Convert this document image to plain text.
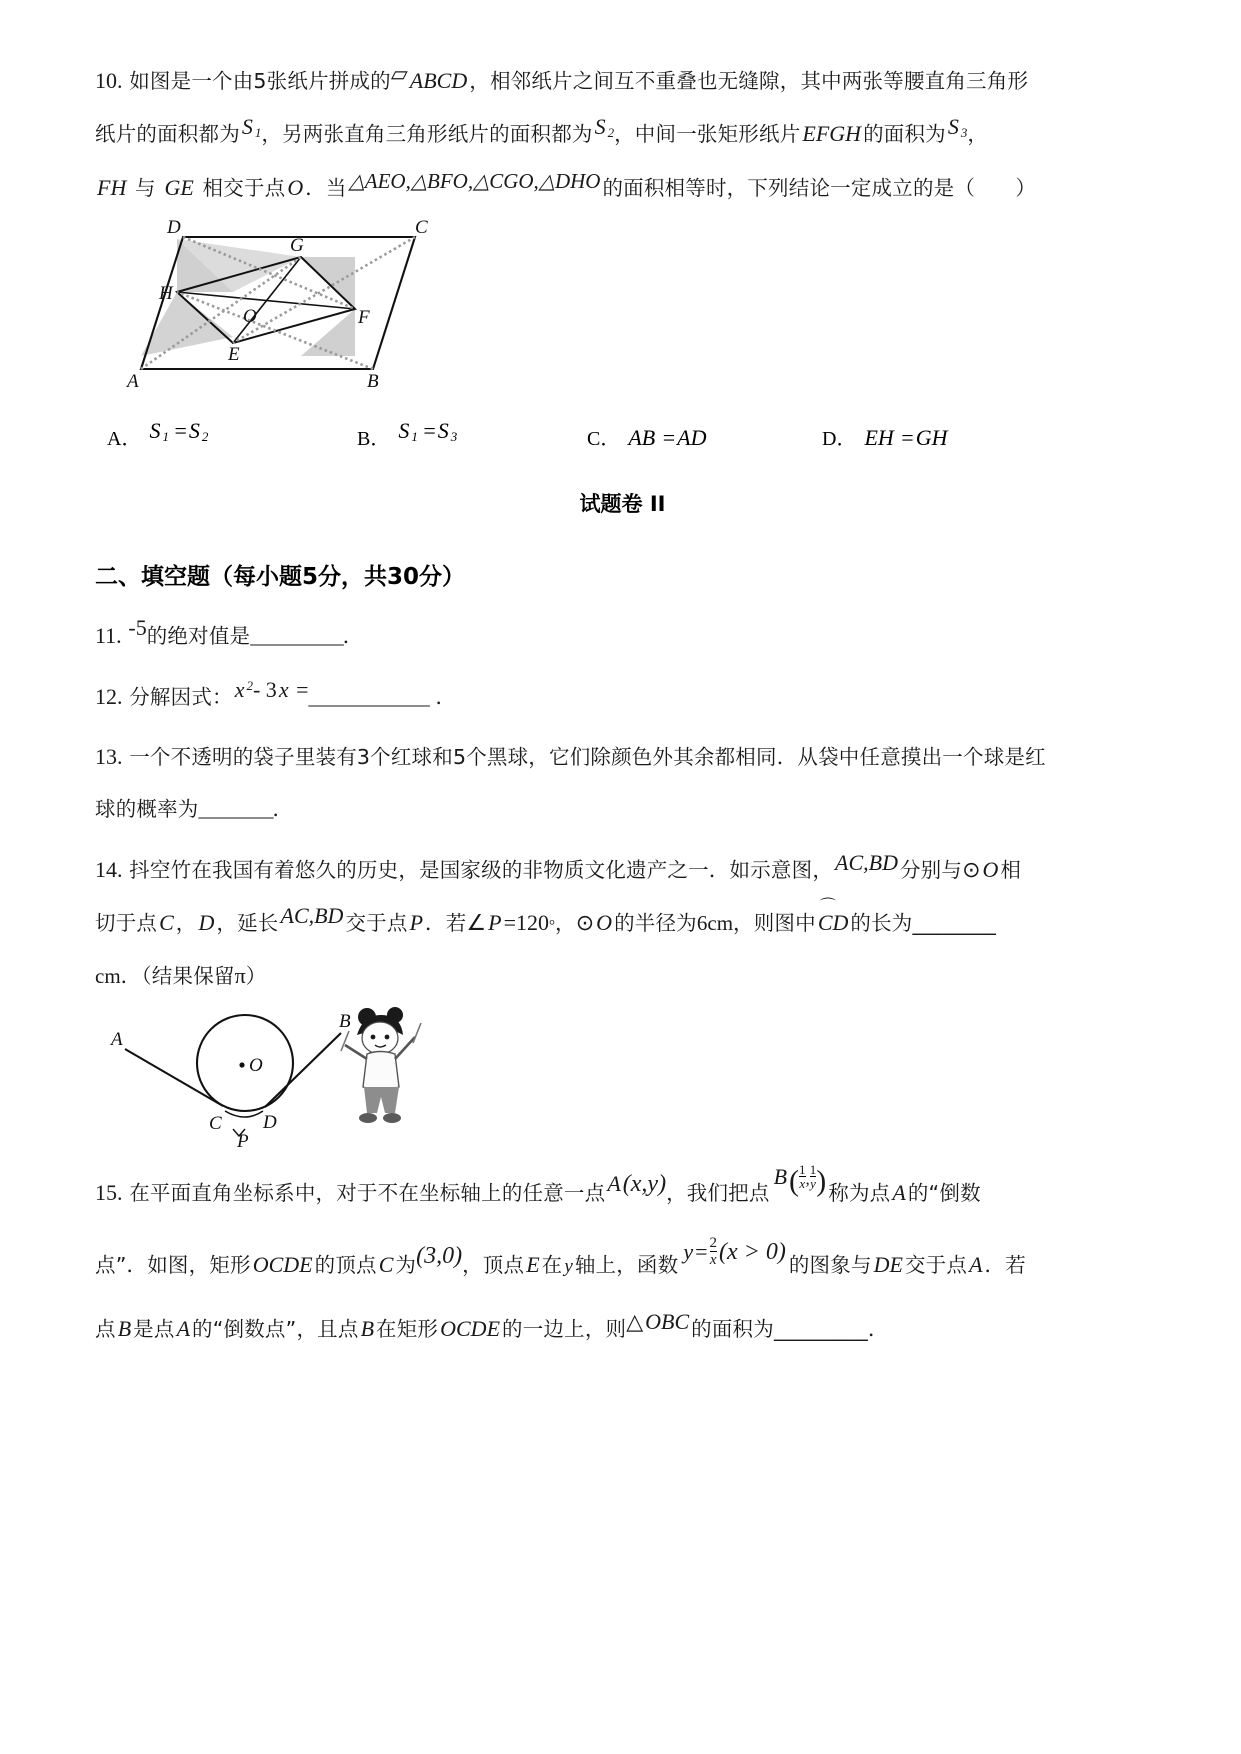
10.
如图是一个由5张纸片拼成的 ▱ ABCD ，相邻纸片之间互不重叠也无缝隙，其中两张等腰直角三角形
纸片的面积都为 S $_1$ ，另两张直角三角形纸片的面积都为 S $_2$ ，中间一张矩形纸片 EFGH 的面积为 S $_3$ ，
FH
与
GE
相交于点 O ．当 △AEO,△BFO,△CGO,△DHO 的面积相等时，下列结论一定成立的是（      ）
D	C
A	B
G
H
F
E
O
A． S $_1$ =S $_2$	B． S $_1$ =S $_3$	C． AB =AD	D． EH =GH
试题卷 II
二、填空题（每小题5分，共30分）
11.
-5 的绝对值是 __________ ．
12.
分解因式： x $^2$- 3x = _____________
．
13.
一个不透明的袋子里装有3个红球和5个黑球，它们除颜色外其余都相同．从袋中任意摸出一个球是红
球的概率为 ________ ．
14.
抖空竹在我国有着悠久的历史，是国家级的非物质文化遗产之一．如示意图， AC,BD 分别与 ⊙ O 相
切于点 C ， D ，延长 AC,BD 交于点 P ．若 ∠ P =120 ° ， ⊙ O 的半径为 6cm ，则图中
⌒
CD 的长为________
cm ．（结果保留 π ）
O
A
B
C D
P
15.
在平面直角坐标系中，对于不在坐标轴上的任意一点 A(x,y) ，我们把点
$B( \frac{1}{x}$ , $\frac{1}{y}$ ) 称为点 A 的“倒数
点”．如图，矩形 OCDE 的顶点 C 为 (3,0) ，顶点 E 在 y 轴上，函数
$y= \frac{2}{x} (x > 0)$ 的图象与 DE 交于点 A ．若
点 B 是点 A 的“倒数点”，且点 B 在矩形 OCDE 的一边上，则 △ OBC 的面积为_________ ．
